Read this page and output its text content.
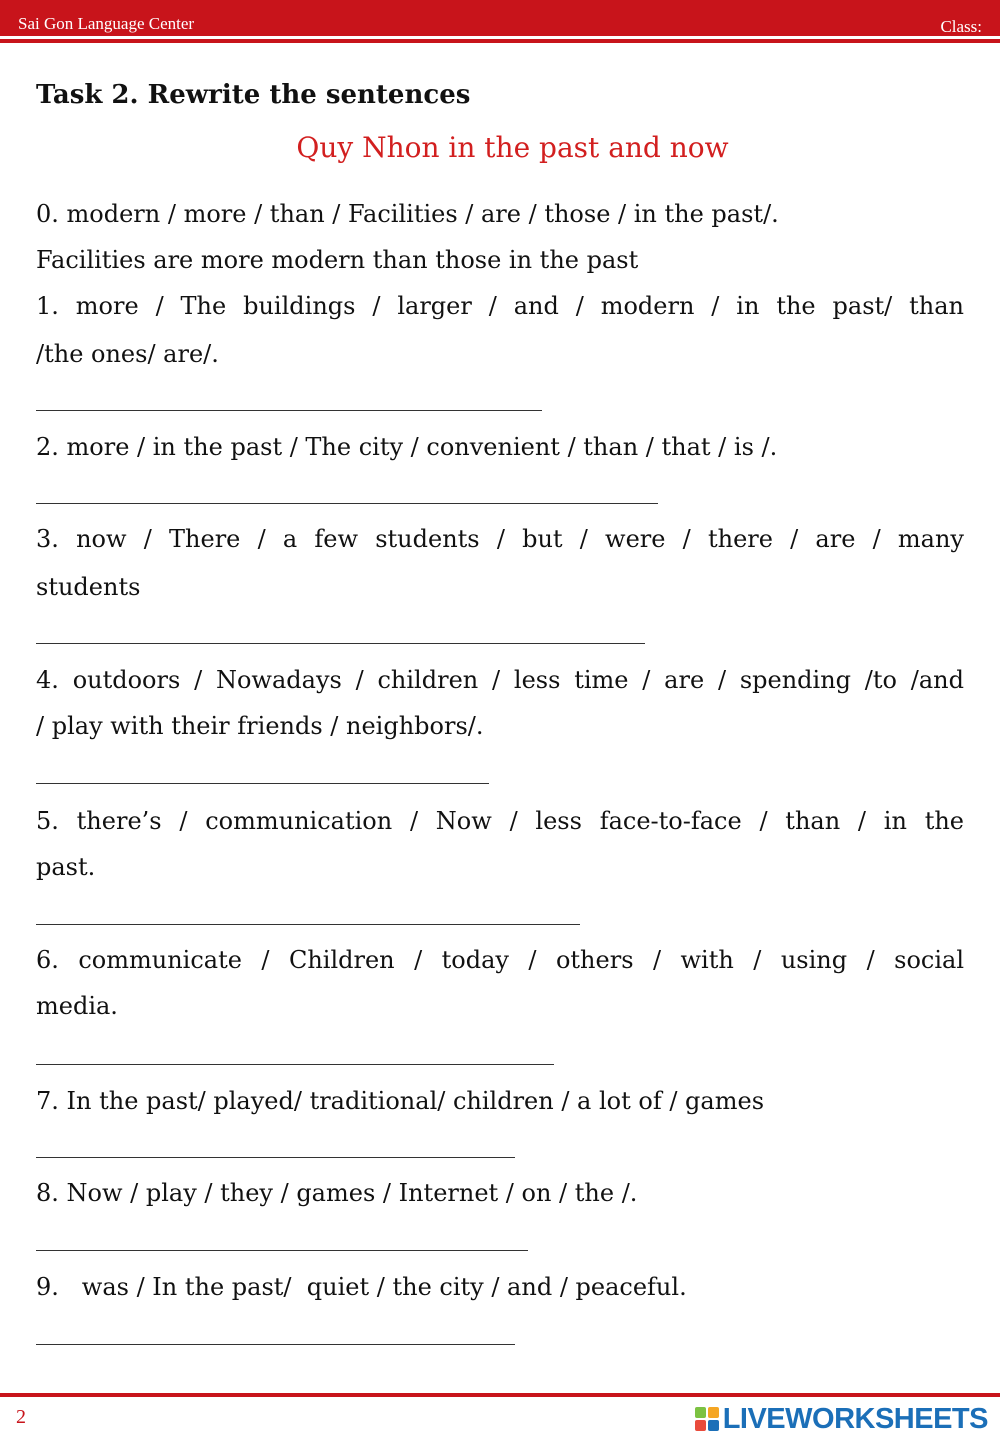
Sai Gon Language Center	Class:
Task 2. Rewrite the sentences
Quy Nhon in the past and now
0. modern / more / than / Facilities / are / those / in the past/.
Facilities are more modern than those in the past
1. more / The buildings / larger / and / modern / in the past/ than
/the ones/ are/.
2. more / in the past / The city / convenient / than / that / is /.
3. now / There / a few students / but / were / there / are / many
students
4. outdoors / Nowadays / children / less time / are / spending /to /and
/ play with their friends / neighbors/.
5. there’s / communication / Now / less face-to-face / than / in the
past.
6. communicate / Children / today / others / with / using / social
media.
7. In the past/ played/ traditional/ children / a lot of / games
8. Now / play / they / games / Internet / on / the /.
9.   was / In the past/  quiet / the city / and / peaceful.
2	LIVEWORKSHEETS
